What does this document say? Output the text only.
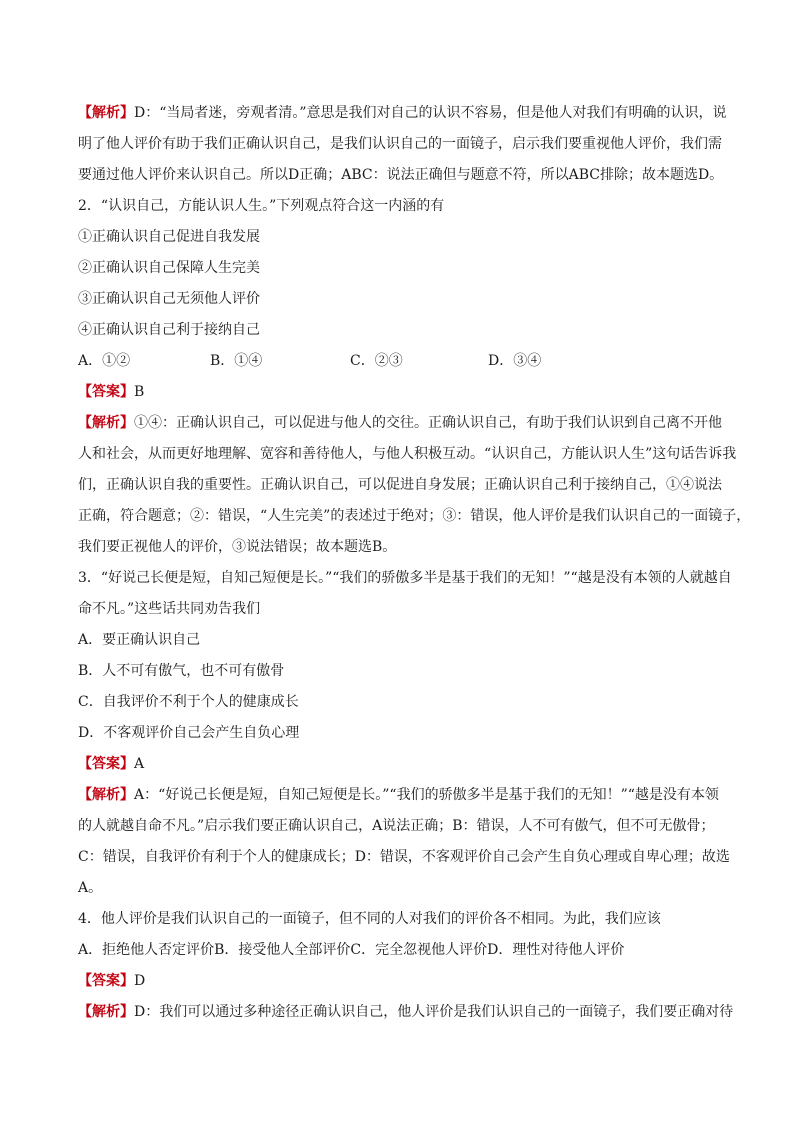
【解析】D：“当局者迷，旁观者清。”意思是我们对自己的认识不容易，但是他人对我们有明确的认识，说
明了他人评价有助于我们正确认识自己，是我们认识自己的一面镜子，启示我们要重视他人评价，我们需
要通过他人评价来认识自己。所以D正确；ABC：说法正确但与题意不符，所以ABC排除；故本题选D。
2．“认识自己，方能认识人生。”下列观点符合这一内涵的有
①正确认识自己促进自我发展
②正确认识自己保障人生完美
③正确认识自己无须他人评价
④正确认识自己利于接纳自己
A．①②	B．①④	C．②③	D．③④
【答案】B
【解析】①④：正确认识自己，可以促进与他人的交往。正确认识自己，有助于我们认识到自己离不开他
人和社会，从而更好地理解、宽容和善待他人，与他人积极互动。“认识自己，方能认识人生”这句话告诉我
们，正确认识自我的重要性。正确认识自己，可以促进自身发展；正确认识自己利于接纳自己，①④说法
正确，符合题意；②：错误，“人生完美”的表述过于绝对；③：错误，他人评价是我们认识自己的一面镜子，
我们要正视他人的评价，③说法错误；故本题选B。
3．“好说己长便是短，自知己短便是长。”“我们的骄傲多半是基于我们的无知！”“越是没有本领的人就越自
命不凡。”这些话共同劝告我们
A．要正确认识自己
B．人不可有傲气，也不可有傲骨
C．自我评价不利于个人的健康成长
D．不客观评价自己会产生自负心理
【答案】A
【解析】A：“好说己长便是短，自知己短便是长。”“我们的骄傲多半是基于我们的无知！”“越是没有本领
的人就越自命不凡。”启示我们要正确认识自己，A说法正确；B：错误，人不可有傲气，但不可无傲骨；
C：错误，自我评价有利于个人的健康成长；D：错误，不客观评价自己会产生自负心理或自卑心理；故选
A。
4．他人评价是我们认识自己的一面镜子，但不同的人对我们的评价各不相同。为此，我们应该
A．拒绝他人否定评价B．接受他人全部评价C．完全忽视他人评价D．理性对待他人评价
【答案】D
【解析】D：我们可以通过多种途径正确认识自己，他人评价是我们认识自己的一面镜子，我们要正确对待
